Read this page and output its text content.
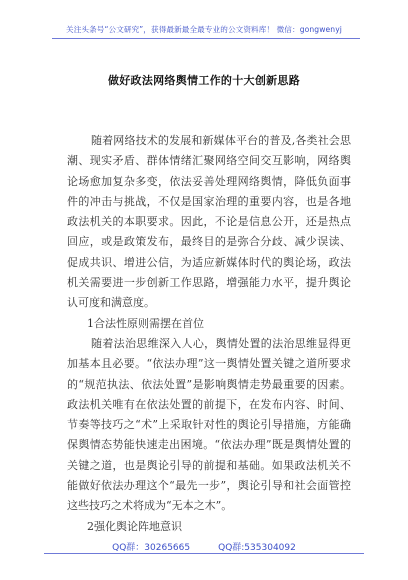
关注头条号“公文研究”，获得最新最全最专业的公文资料库！ 微信：gongwenyj
做好政法网络舆情工作的十大创新思路

随着网络技术的发展和新媒体平台的普及,各类社会思潮、现实矛盾、群体情绪汇聚网络空间交互影响，网络舆论场愈加复杂多变，依法妥善处理网络舆情，降低负面事件的冲击与挑战，不仅是国家治理的重要内容，也是各地政法机关的本职要求。因此，不论是信息公开，还是热点回应，或是政策发布，最终目的是弥合分歧、减少误读、促成共识、增进公信，为适应新媒体时代的舆论场，政法机关需要进一步创新工作思路，增强能力水平，提升舆论认可度和满意度。

1合法性原则需摆在首位

随着法治思维深入人心，舆情处置的法治思维显得更加基本且必要。“依法办理”这一舆情处置关键之道所要求的“规范执法、依法处置”是影响舆情走势最重要的因素。政法机关唯有在依法处置的前提下，在发布内容、时间、节奏等技巧之“术”上采取针对性的舆论引导措施，方能确保舆情态势能快速走出困境。“依法办理”既是舆情处置的关键之道，也是舆论引导的前提和基础。如果政法机关不能做好依法办理这个“最先一步”，舆论引导和社会面管控这些技巧之术将成为“无本之木”。

2强化舆论阵地意识
QQ群：30265665	QQ群:535304092
